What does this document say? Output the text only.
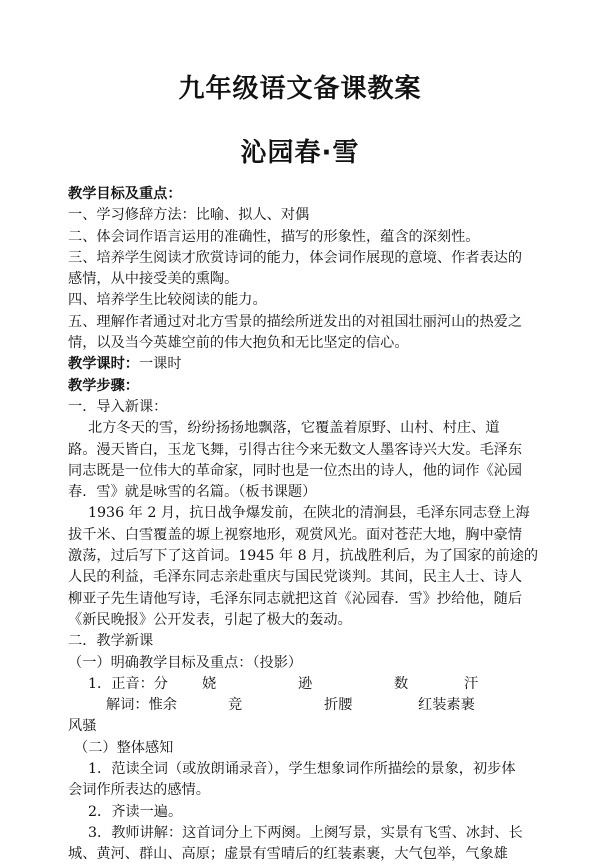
九年级语文备课教案
沁园春·雪
教学目标及重点：
一、学习修辞方法：比喻、拟人、对偶
二、体会词作语言运用的准确性，描写的形象性，蕴含的深刻性。
三、培养学生阅读才欣赏诗词的能力，体会词作展现的意境、作者表达的
感情，从中接受美的熏陶。
四、培养学生比较阅读的能力。
五、理解作者通过对北方雪景的描绘所迸发出的对祖国壮丽河山的热爱之
情，以及当今英雄空前的伟大抱负和无比坚定的信心。
教学课时：一课时
教学步骤：
一．导入新课：
北方冬天的雪，纷纷扬扬地飘落，它覆盖着原野、山村、村庄、道
路。漫天皆白，玉龙飞舞，引得古往今来无数文人墨客诗兴大发。毛泽东
同志既是一位伟大的革命家，同时也是一位杰出的诗人，他的词作《沁园
春．雪》就是咏雪的名篇。（板书课题）
1936 年 2 月，抗日战争爆发前，在陕北的清涧县，毛泽东同志登上海
拔千米、白雪覆盖的塬上视察地形，观赏风光。面对苍茫大地，胸中豪情
激荡，过后写下了这首词。1945 年 8 月，抗战胜利后，为了国家的前途的
人民的利益，毛泽东同志亲赴重庆与国民党谈判。其间，民主人士、诗人
柳亚子先生请他写诗，毛泽东同志就把这首《沁园春．雪》抄给他，随后
《新民晚报》公开发表，引起了极大的轰动。
二．教学新课
（一）明确教学目标及重点：（投影）
1．正音：分 娆	逊	数	汗
解词：惟余	竞	折腰	红装素裹
风骚
（二）整体感知
1．范读全词（或放朗诵录音），学生想象词作所描绘的景象，初步体
会词作所表达的感情。
2．齐读一遍。
3．教师讲解：这首词分上下两阕。上阕写景，实景有飞雪、冰封、长
城、黄河、群山、高原；虚景有雪晴后的红装素裹，大气包举，气象雄
